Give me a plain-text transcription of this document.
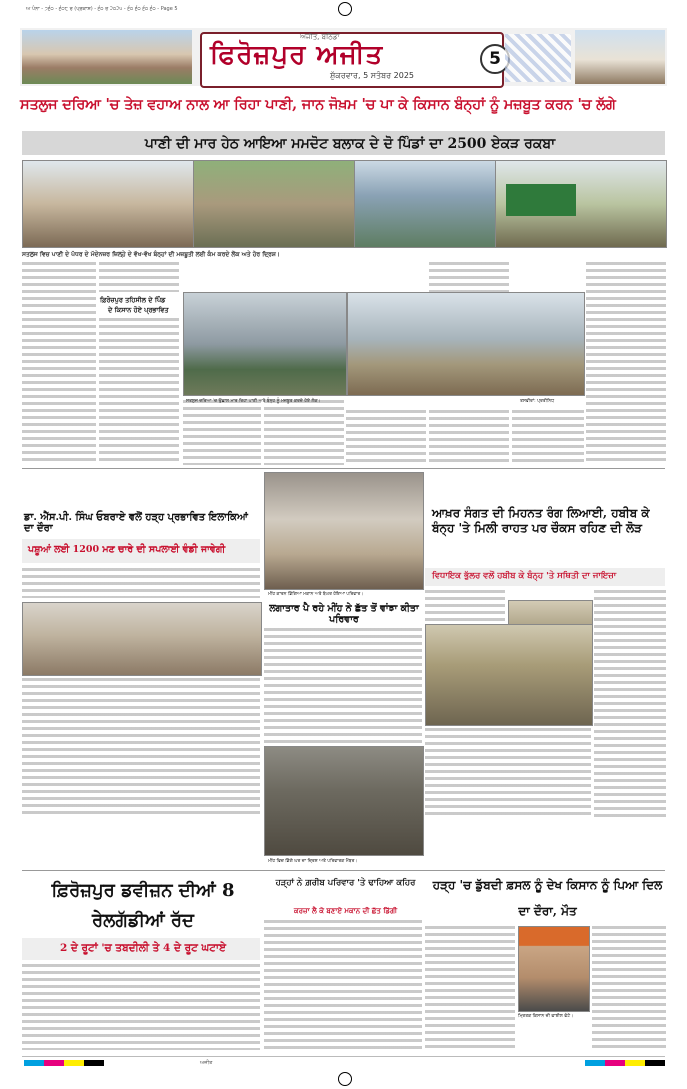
ਅ ਪੰਨਾ - ੭੬੦ - ੬੦੮ ਰ (ਪ੍ਰਕਾਸ਼) - ੬੦ ਰ ੨੦੨੫ - ੬੦ ੬੦ ੬੦ ੬੦ - Page 5
ਅਜੀਤ, ਬਠਿੰਡਾ
ਫਿਰੋਜ਼ਪੁਰ ਅਜੀਤ
ਸ਼ੁੱਕਰਵਾਰ, 5 ਸਤੰਬਰ 2025
5
ਸਤਲੁਜ ਦਰਿਆ 'ਚ ਤੇਜ਼ ਵਹਾਅ ਨਾਲ ਆ ਰਿਹਾ ਪਾਣੀ, ਜਾਨ ਜੋਖ਼ਮ 'ਚ ਪਾ ਕੇ ਕਿਸਾਨ ਬੰਨ੍ਹਾਂ ਨੂੰ ਮਜ਼ਬੂਤ ਕਰਨ 'ਚ ਲੱਗੇ
ਪਾਣੀ ਦੀ ਮਾਰ ਹੇਠ ਆਇਆ ਮਮਦੋਟ ਬਲਾਕ ਦੇ ਦੋ ਪਿੰਡਾਂ ਦਾ 2500 ਏਕੜ ਰਕਬਾ
ਸਤਲੁਜ ਵਿਚ ਪਾਣੀ ਦੇ ਪੱਧਰ ਦੇ ਮੱਦੇਨਜ਼ਰ ਜ਼ਿਲ੍ਹੇ ਦੇ ਵੱਖ-ਵੱਖ ਬੰਨ੍ਹਾਂ ਦੀ ਮਜ਼ਬੂਤੀ ਲਈ ਕੰਮ ਕਰਦੇ ਲੋਕ ਅਤੇ ਹੋਰ ਦ੍ਰਿਸ਼।
ਫ਼ਿਰੋਜ਼ਪੁਰ ਤਹਿਸੀਲ ਦੇ ਪਿੰਡ
ਦੇ ਕਿਸਾਨ ਹੋਏ ਪ੍ਰਭਾਵਿਤ
ਸਤਲੁਜ ਦਰਿਆ 'ਚ ਉਛਾਲ ਮਾਰ ਰਿਹਾ ਪਾਣੀ ਅਤੇ ਬੰਨ੍ਹ ਨੂੰ ਮਜ਼ਬੂਤ ਕਰਦੇ ਹੋਏ ਲੋਕ।	ਤਸਵੀਰਾਂ: ਪ੍ਰਤੀਨਿਧ
ਡਾ. ਐੱਸ.ਪੀ. ਸਿੰਘ ਓਬਰਾਏ ਵਲੋਂ ਹੜ੍ਹ ਪ੍ਰਭਾਵਿਤ ਇਲਾਕਿਆਂ ਦਾ ਦੌਰਾ
ਪਸ਼ੂਆਂ ਲਈ 1200 ਮਣ ਚਾਰੇ ਦੀ ਸਪਲਾਈ ਵੰਡੀ ਜਾਵੇਗੀ
ਮੀਂਹ ਕਾਰਨ ਡਿੱਗਿਆ ਮਕਾਨ ਅਤੇ ਬੇਘਰ ਹੋਇਆ ਪਰਿਵਾਰ।
ਲਗਾਤਾਰ ਪੈ ਰਹੇ ਮੀਂਹ ਨੇ ਛੱਤ ਤੋਂ ਵਾਂਝਾ ਕੀਤਾ ਪਰਿਵਾਰ
ਮੀਂਹ ਵਿਚ ਡਿੱਗੇ ਘਰ ਦਾ ਦ੍ਰਿਸ਼ ਅਤੇ ਪਰਿਵਾਰਕ ਮੈਂਬਰ।
ਆਖ਼ਰ ਸੰਗਤ ਦੀ ਮਿਹਨਤ ਰੰਗ ਲਿਆਈ, ਹਬੀਬ ਕੇ ਬੰਨ੍ਹ 'ਤੇ ਮਿਲੀ ਰਾਹਤ ਪਰ ਚੌਕਸ ਰਹਿਣ ਦੀ ਲੋੜ
ਵਿਧਾਇਕ ਭੁੱਲਰ ਵਲੋਂ ਹਬੀਬ ਕੇ ਬੰਨ੍ਹ 'ਤੇ ਸਥਿਤੀ ਦਾ ਜਾਇਜ਼ਾ
ਫ਼ਿਰੋਜ਼ਪੁਰ ਡਵੀਜ਼ਨ ਦੀਆਂ 8 ਰੇਲਗੱਡੀਆਂ ਰੱਦ
2 ਦੇ ਰੂਟਾਂ 'ਚ ਤਬਦੀਲੀ ਤੇ 4 ਦੇ ਰੂਟ ਘਟਾਏ
ਹੜ੍ਹਾਂ ਨੇ ਗ਼ਰੀਬ ਪਰਿਵਾਰ 'ਤੇ ਢਾਹਿਆ ਕਹਿਰ
ਕਰਜ਼ਾ ਲੈ ਕੇ ਬਣਾਏ ਮਕਾਨ ਦੀ ਛੱਤ ਡਿੱਗੀ
ਹੜ੍ਹ 'ਚ ਡੁੱਬਦੀ ਫ਼ਸਲ ਨੂੰ ਦੇਖ ਕਿਸਾਨ ਨੂੰ ਪਿਆ ਦਿਲ ਦਾ ਦੌਰਾ, ਮੌਤ
ਮ੍ਰਿਤਕ ਕਿਸਾਨ ਦੀ ਫਾਈਲ ਫੋਟੋ।
ਅਜੀਤ
